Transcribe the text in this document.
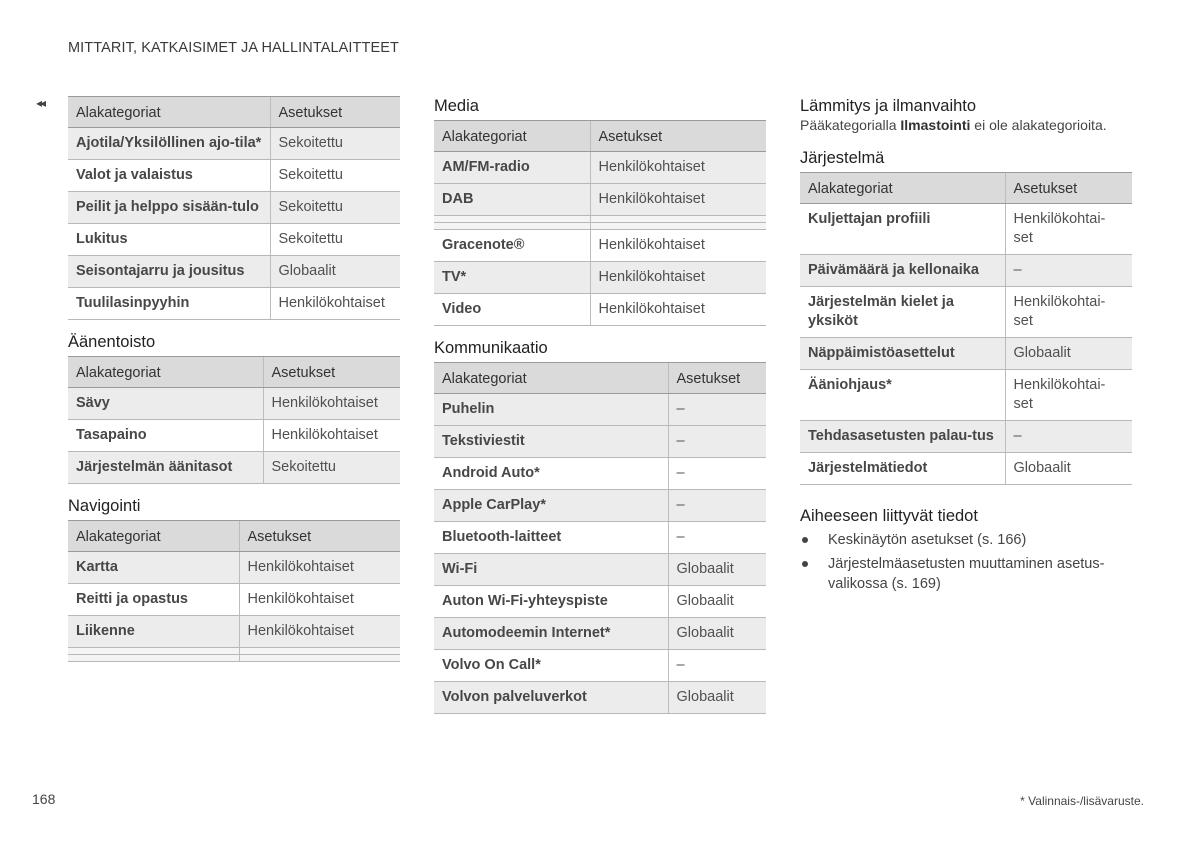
MITTARIT, KATKAISIMET JA HALLINTALAITTEET
◂◂
Alakategoriat	Asetukset
Ajotila/Yksilöllinen ajo-tila*	Sekoitettu
Valot ja valaistus	Sekoitettu
Peilit ja helppo sisään-tulo	Sekoitettu
Lukitus	Sekoitettu
Seisontajarru ja jousitus	Globaalit
Tuulilasinpyyhin	Henkilökohtaiset
Äänentoisto
Alakategoriat	Asetukset
Sävy	Henkilökohtaiset
Tasapaino	Henkilökohtaiset
Järjestelmän äänitasot	Sekoitettu
Navigointi
Alakategoriat	Asetukset
Kartta	Henkilökohtaiset
Reitti ja opastus	Henkilökohtaiset
Liikenne	Henkilökohtaiset

Media
Alakategoriat	Asetukset
AM/FM-radio	Henkilökohtaiset
DAB	Henkilökohtaiset

Gracenote®	Henkilökohtaiset
TV*	Henkilökohtaiset
Video	Henkilökohtaiset
Kommunikaatio
Alakategoriat	Asetukset
Puhelin	–
Tekstiviestit	–
Android Auto*	–
Apple CarPlay*	–
Bluetooth-laitteet	–
Wi-Fi	Globaalit
Auton Wi-Fi-yhteyspiste	Globaalit
Automodeemin Internet*	Globaalit
Volvo On Call*	–
Volvon palveluverkot	Globaalit
Lämmitys ja ilmanvaihto
Pääkategorialla Ilmastointi ei ole alakategorioita.
Järjestelmä
Alakategoriat	Asetukset
Kuljettajan profiili	Henkilökohtai-set
Päivämäärä ja kellonaika	–
Järjestelmän kielet ja yksiköt	Henkilökohtai-set
Näppäimistöasettelut	Globaalit
Ääniohjaus*	Henkilökohtai-set
Tehdasasetusten palau-tus	–
Järjestelmätiedot	Globaalit
Aiheeseen liittyvät tiedot
Keskinäytön asetukset (s. 166)
Järjestelmäasetusten muuttaminen asetus-valikossa (s. 169)
168	* Valinnais-/lisävaruste.
